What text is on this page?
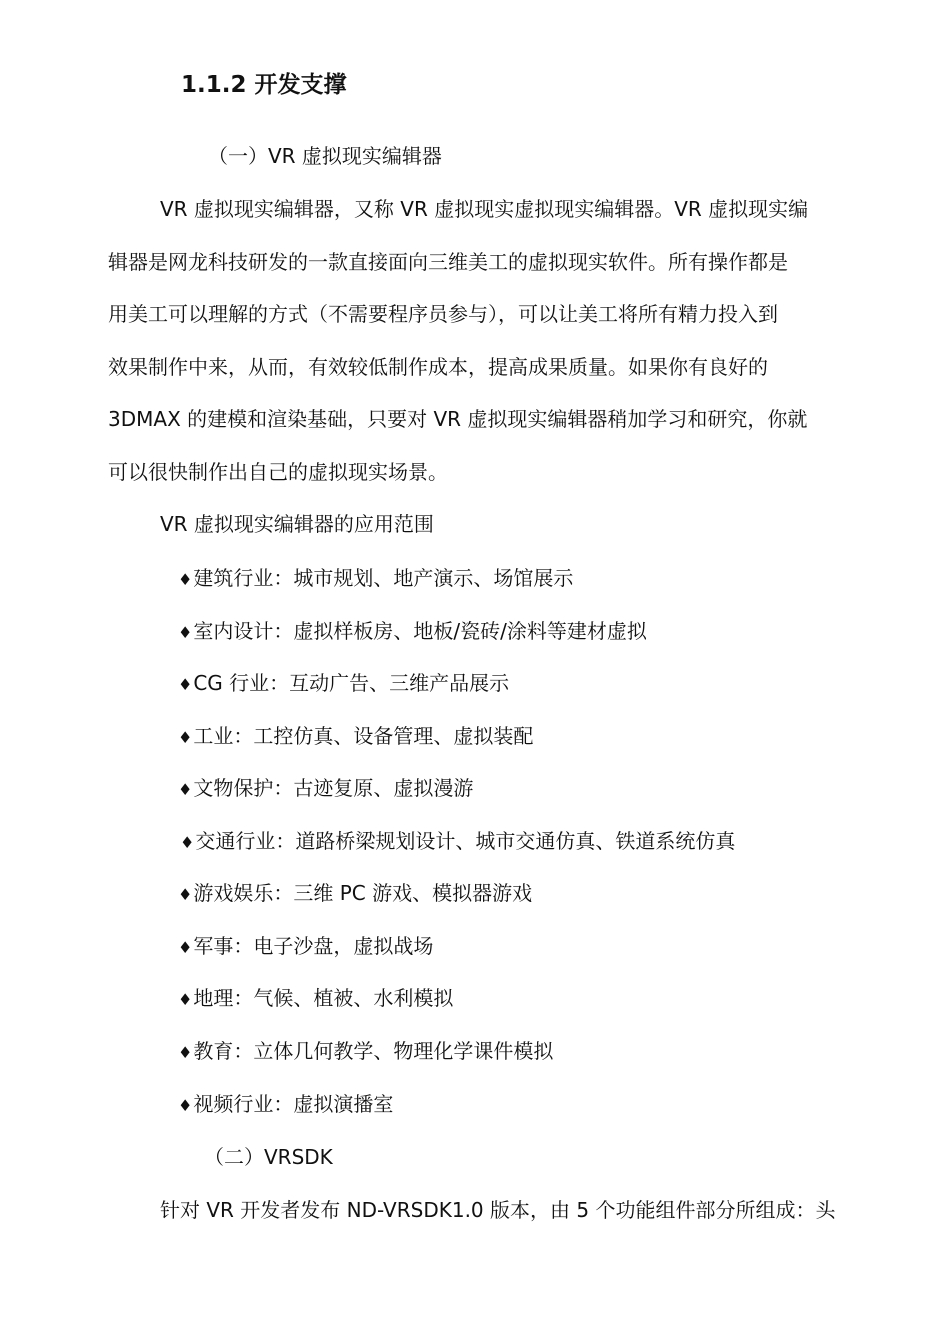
1.1.2 开发支撑
（一）VR 虚拟现实编辑器
VR 虚拟现实编辑器，又称 VR 虚拟现实虚拟现实编辑器。VR 虚拟现实编
辑器是网龙科技研发的一款直接面向三维美工的虚拟现实软件。所有操作都是
用美工可以理解的方式（不需要程序员参与），可以让美工将所有精力投入到
效果制作中来，从而，有效较低制作成本，提高成果质量。如果你有良好的
3DMAX 的建模和渲染基础，只要对 VR 虚拟现实编辑器稍加学习和研究，你就
可以很快制作出自己的虚拟现实场景。
VR 虚拟现实编辑器的应用范围
♦建筑行业：城市规划、地产演示、场馆展示
♦室内设计：虚拟样板房、地板/瓷砖/涂料等建材虚拟
♦CG 行业：互动广告、三维产品展示
♦工业：工控仿真、设备管理、虚拟装配
♦文物保护：古迹复原、虚拟漫游
♦交通行业：道路桥梁规划设计、城市交通仿真、铁道系统仿真
♦游戏娱乐：三维 PC 游戏、模拟器游戏
♦军事：电子沙盘，虚拟战场
♦地理：气候、植被、水利模拟
♦教育：立体几何教学、物理化学课件模拟
♦视频行业：虚拟演播室
（二）VRSDK
针对 VR 开发者发布 ND-VRSDK1.0 版本，由 5 个功能组件部分所组成：头
